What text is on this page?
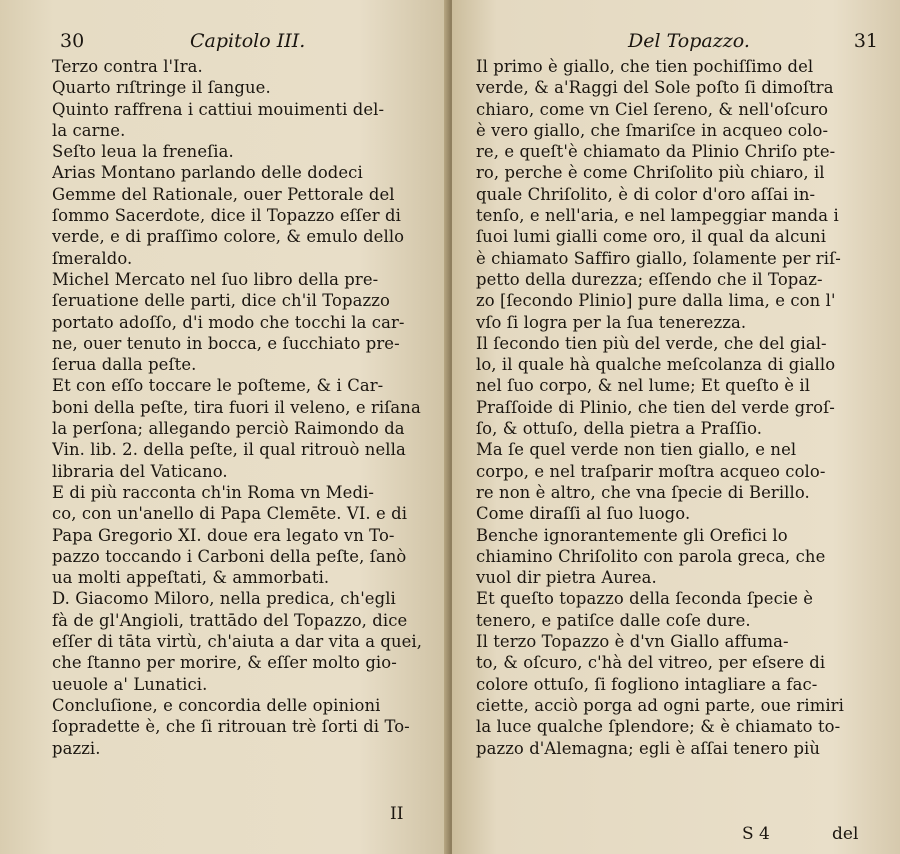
30	Capitolo III.
Terzo contra l'Ira.
Quarto rıſtringe il ſangue.
Quinto raffrena i cattiui mouimenti del-
la carne.
Seſto leua la freneſia.
Arias Montano parlando delle dodeci
Gemme del Rationale, ouer Pettorale del
ſommo Sacerdote, dice il Topazzo eſſer di
verde, e di praſſimo colore, & emulo dello
ſmeraldo.
Michel Mercato nel ſuo libro della pre-
ſeruatione delle parti, dice ch'il Topazzo
portato adoſſo, d'i modo che tocchi la car-
ne, ouer tenuto in bocca, e ſucchiato pre-
ſerua dalla peſte.
Et con eſſo toccare le poſteme, & i Car-
boni della peſte, tira fuori il veleno, e riſana
la perſona; allegando perciò Raimondo da
Vin. lib. 2. della peſte, il qual ritrouò nella
libraria del Vaticano.
E di più racconta ch'in Roma vn Medi-
co, con un'anello di Papa Clemēte. VI. e di
Papa Gregorio XI. doue era legato vn To-
pazzo toccando i Carboni della peſte, ſanò
ua molti appeſtati, & ammorbati.
D. Giacomo Miloro, nella predica, ch'egli
fà de gl'Angioli, trattādo del Topazzo, dice
eſſer di tāta virtù, ch'aiuta a dar vita a quei,
che ſtanno per morire, & eſſer molto gio-
ueuole a' Lunatici.
Concluſione, e concordia delle opinioni
ſopradette è, che ſi ritrouan trè ſorti di To-
pazzi.
II
Del Topazzo.	31
Il primo è giallo, che tien pochiſſimo del
verde, & a'Raggi del Sole poſto ſi dimoſtra
chiaro, come vn Ciel ſereno, & nell'oſcuro
è vero giallo, che ſmariſce in acqueo colo-
re, e queſt'è chiamato da Plinio Chriſo pte-
ro, perche è come Chriſolito più chiaro, il
quale Chriſolito, è di color d'oro aſſai in-
tenſo, e nell'aria, e nel lampeggiar manda i
ſuoi lumi gialli come oro, il qual da alcuni
è chiamato Saffiro giallo, ſolamente per riſ-
petto della durezza; eſſendo che il Topaz-
zo [ſecondo Plinio] pure dalla lima, e con l'
vſo ſi logra per la ſua tenerezza.
Il ſecondo tien più del verde, che del gial-
lo, il quale hà qualche meſcolanza di giallo
nel ſuo corpo, & nel lume; Et queſto è il
Praſſoide di Plinio, che tien del verde groſ-
ſo, & ottuſo, della pietra a Praſſio.
Ma ſe quel verde non tien giallo, e nel
corpo, e nel traſparir moſtra acqueo colo-
re non è altro, che vna ſpecie di Berillo.
Come diraſſi al ſuo luogo.
Benche ignorantemente gli Orefici lo
chiamino Chriſolito con parola greca, che
vuol dir pietra Aurea.
Et queſto topazzo della ſeconda ſpecie è
tenero, e patiſce dalle coſe dure.
Il terzo Topazzo è d'vn Giallo affuma-
to, & oſcuro, c'hà del vitreo, per eſsere di
colore ottuſo, ſi fogliono intagliare a fac-
ciette, acciò porga ad ogni parte, oue rimiri
la luce qualche ſplendore; & è chiamato to-
pazzo d'Alemagna; egli è aſſai tenero più
S 4	del
